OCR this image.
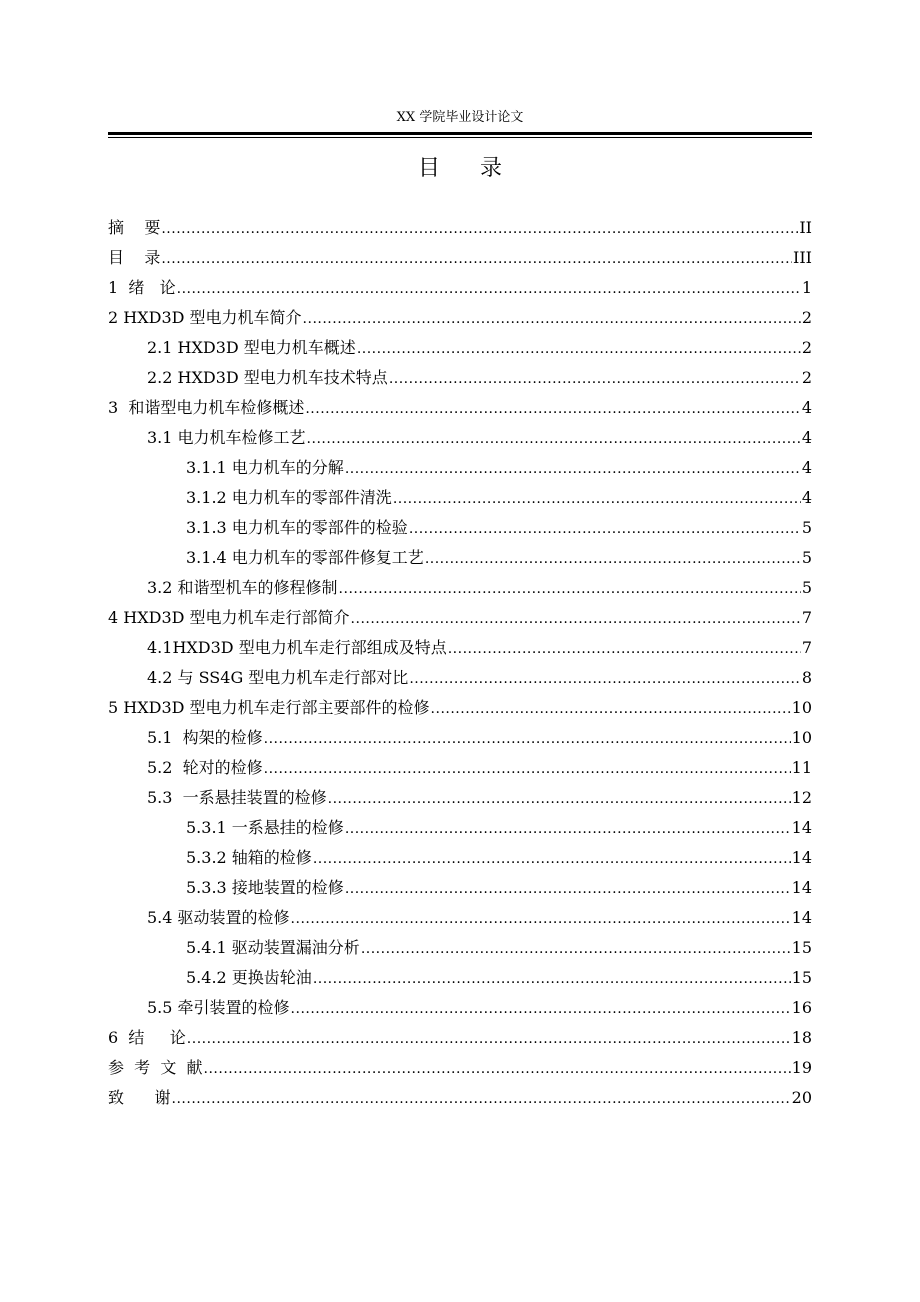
XX 学院毕业设计论文
目录
摘    要 .....	II
目    录 .....	III
1  绪   论 .....	1
2 HXD3D 型电力机车简介 .....	2
2.1 HXD3D 型电力机车概述 .....	2
2.2 HXD3D 型电力机车技术特点 .....	2
3  和谐型电力机车检修概述 .....	4
3.1 电力机车检修工艺 .....	4
3.1.1 电力机车的分解 .....	4
3.1.2 电力机车的零部件清洗 .....	4
3.1.3 电力机车的零部件的检验 .....	5
3.1.4 电力机车的零部件修复工艺 .....	5
3.2 和谐型机车的修程修制 .....	5
4 HXD3D 型电力机车走行部简介 .....	7
4.1HXD3D 型电力机车走行部组成及特点 .....	7
4.2 与 SS4G 型电力机车走行部对比 .....	8
5 HXD3D 型电力机车走行部主要部件的检修 .....	10
5.1  构架的检修 .....	10
5.2  轮对的检修 .....	11
5.3  一系悬挂装置的检修 .....	12
5.3.1 一系悬挂的检修 .....	14
5.3.2 轴箱的检修 .....	14
5.3.3 接地装置的检修 .....	14
5.4 驱动装置的检修 .....	14
5.4.1 驱动装置漏油分析 .....	15
5.4.2 更换齿轮油 .....	15
5.5 牵引装置的检修 .....	16
6  结     论 .....	18
参  考  文  献 .....	19
致      谢 .....	20
